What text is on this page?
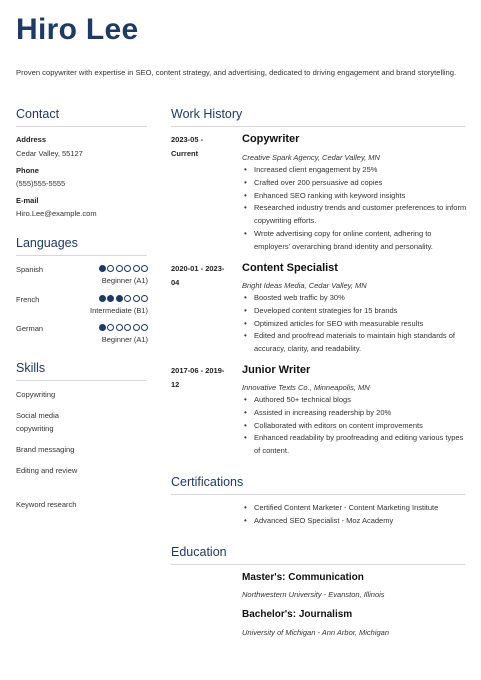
Hiro Lee
Proven copywriter with expertise in SEO, content strategy, and advertising, dedicated to driving engagement and brand storytelling.
Contact
Address
Cedar Valley, 55127
Phone
(555)555-5555
E-mail
Hiro.Lee@example.com
Languages
Spanish
Beginner (A1)
French
Intermediate (B1)
German
Beginner (A1)
Skills
Copywriting
Social media copywriting
Brand messaging
Editing and review
Keyword research
Work History
2023-05 - Current
Copywriter
Creative Spark Agency, Cedar Valley, MN
• Increased client engagement by 25%
• Crafted over 200 persuasive ad copies
• Enhanced SEO ranking with keyword insights
• Researched industry trends and customer preferences to inform copywriting efforts.
• Wrote advertising copy for online content, adhering to employers' overarching brand identity and personality.
2020-01 - 2023-04
Content Specialist
Bright Ideas Media, Cedar Valley, MN
• Boosted web traffic by 30%
• Developed content strategies for 15 brands
• Optimized articles for SEO with measurable results
• Edited and proofread materials to maintain high standards of accuracy, clarity, and readability.
2017-06 - 2019-12
Junior Writer
Innovative Texts Co., Minneapolis, MN
• Authored 50+ technical blogs
• Assisted in increasing readership by 20%
• Collaborated with editors on content improvements
• Enhanced readability by proofreading and editing various types of content.
Certifications
• Certified Content Marketer - Content Marketing Institute
• Advanced SEO Specialist - Moz Academy
Education
Master's: Communication
Northwestern University - Evanston, Illinois
Bachelor's: Journalism
University of Michigan - Ann Arbor, Michigan
